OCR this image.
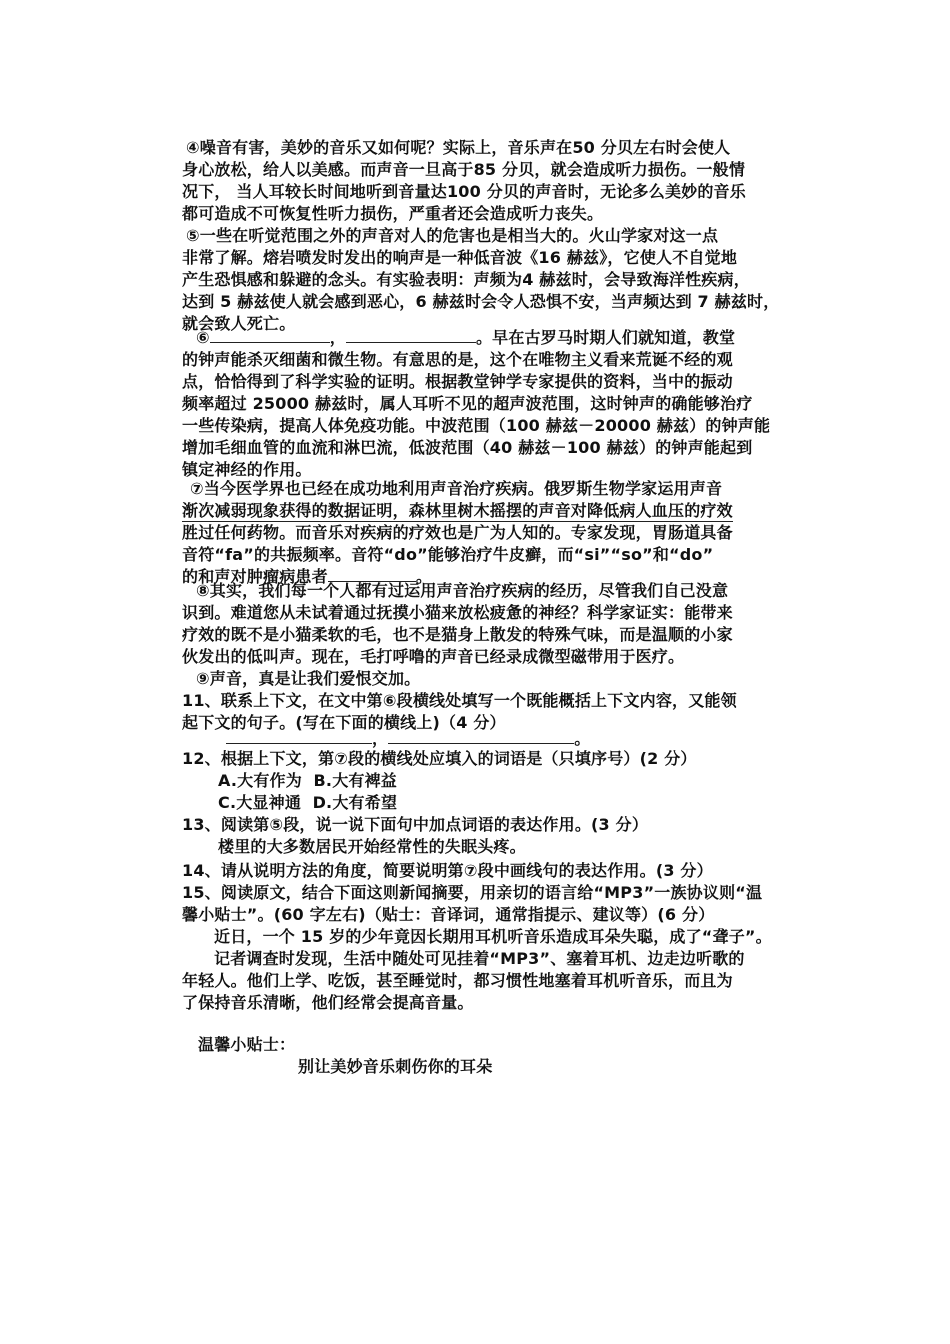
④噪音有害，美妙的音乐又如何呢？实际上，音乐声在50 分贝左右时会使人
身心放松，给人以美感。而声音一旦高于85 分贝，就会造成听力损伤。一般情
况下， 当人耳较长时间地听到音量达100 分贝的声音时，无论多么美妙的音乐
都可造成不可恢复性听力损伤，严重者还会造成听力丧失。
⑤一些在听觉范围之外的声音对人的危害也是相当大的。火山学家对这一点
非常了解。熔岩喷发时发出的响声是一种低音波《16 赫兹》，它使人不自觉地
产生恐惧感和躲避的念头。有实验表明：声频为4 赫兹时，会导致海洋性疾病，
达到 5 赫兹使人就会感到恶心，6 赫兹时会令人恐惧不安，当声频达到 7 赫兹时，
就会致人死亡。
⑥	，	。早在古罗马时期人们就知道，教堂
的钟声能杀灭细菌和微生物。有意思的是，这个在唯物主义看来荒诞不经的观
点，恰恰得到了科学实验的证明。根据教堂钟学专家提供的资料，当中的振动
频率超过 25000 赫兹时，属人耳听不见的超声波范围，这时钟声的确能够治疗
一些传染病，提高人体免疫功能。中波范围（100 赫兹－20000 赫兹）的钟声能
增加毛细血管的血流和淋巴流，低波范围（40 赫兹－100 赫兹）的钟声能起到
镇定神经的作用。
⑦当今医学界也已经在成功地利用声音治疗疾病。俄罗斯生物学家运用声音
渐次减弱现象获得的数据证明，森林里树木摇摆的声音对降低病人血压的疗效
胜过任何药物。而音乐对疾病的疗效也是广为人知的。专家发现，胃肠道具备
音符“fa”的共振频率。音符“do”能够治疗牛皮癣，而“si”“so”和“do”
的和声对肿瘤病患者	。
⑧其实，我们每一个人都有过运用声音治疗疾病的经历，尽管我们自己没意
识到。难道您从未试着通过抚摸小猫来放松疲惫的神经？科学家证实：能带来
疗效的既不是小猫柔软的毛，也不是猫身上散发的特殊气味，而是温顺的小家
伙发出的低叫声。现在，毛打呼噜的声音已经录成微型磁带用于医疗。
⑨声音，真是让我们爱恨交加。
11、联系上下文，在文中第⑥段横线处填写一个既能概括上下文内容，又能领
起下文的句子。(写在下面的横线上)（4 分）
，	。
12、根据上下文，第⑦段的横线处应填入的词语是（只填序号）(2 分）
A.大有作为 B.大有裨益
C.大显神通 D.大有希望
13、阅读第⑤段，说一说下面句中加点词语的表达作用。(3 分）
楼里的大多数居民开始经常性的失眠头疼。
14、请从说明方法的角度，简要说明第⑦段中画线句的表达作用。(3 分）
15、阅读原文，结合下面这则新闻摘要，用亲切的语言给“MP3”一族协议则“温
馨小贴士”。(60 字左右)（贴士：音译词，通常指提示、建议等）(6 分）
近日，一个 15 岁的少年竟因长期用耳机听音乐造成耳朵失聪，成了“聋子”。
记者调查时发现，生活中随处可见挂着“MP3”、塞着耳机、边走边听歌的
年轻人。他们上学、吃饭，甚至睡觉时，都习惯性地塞着耳机听音乐，而且为
了保持音乐清晰，他们经常会提高音量。
温馨小贴士：
别让美妙音乐刺伤你的耳朵
